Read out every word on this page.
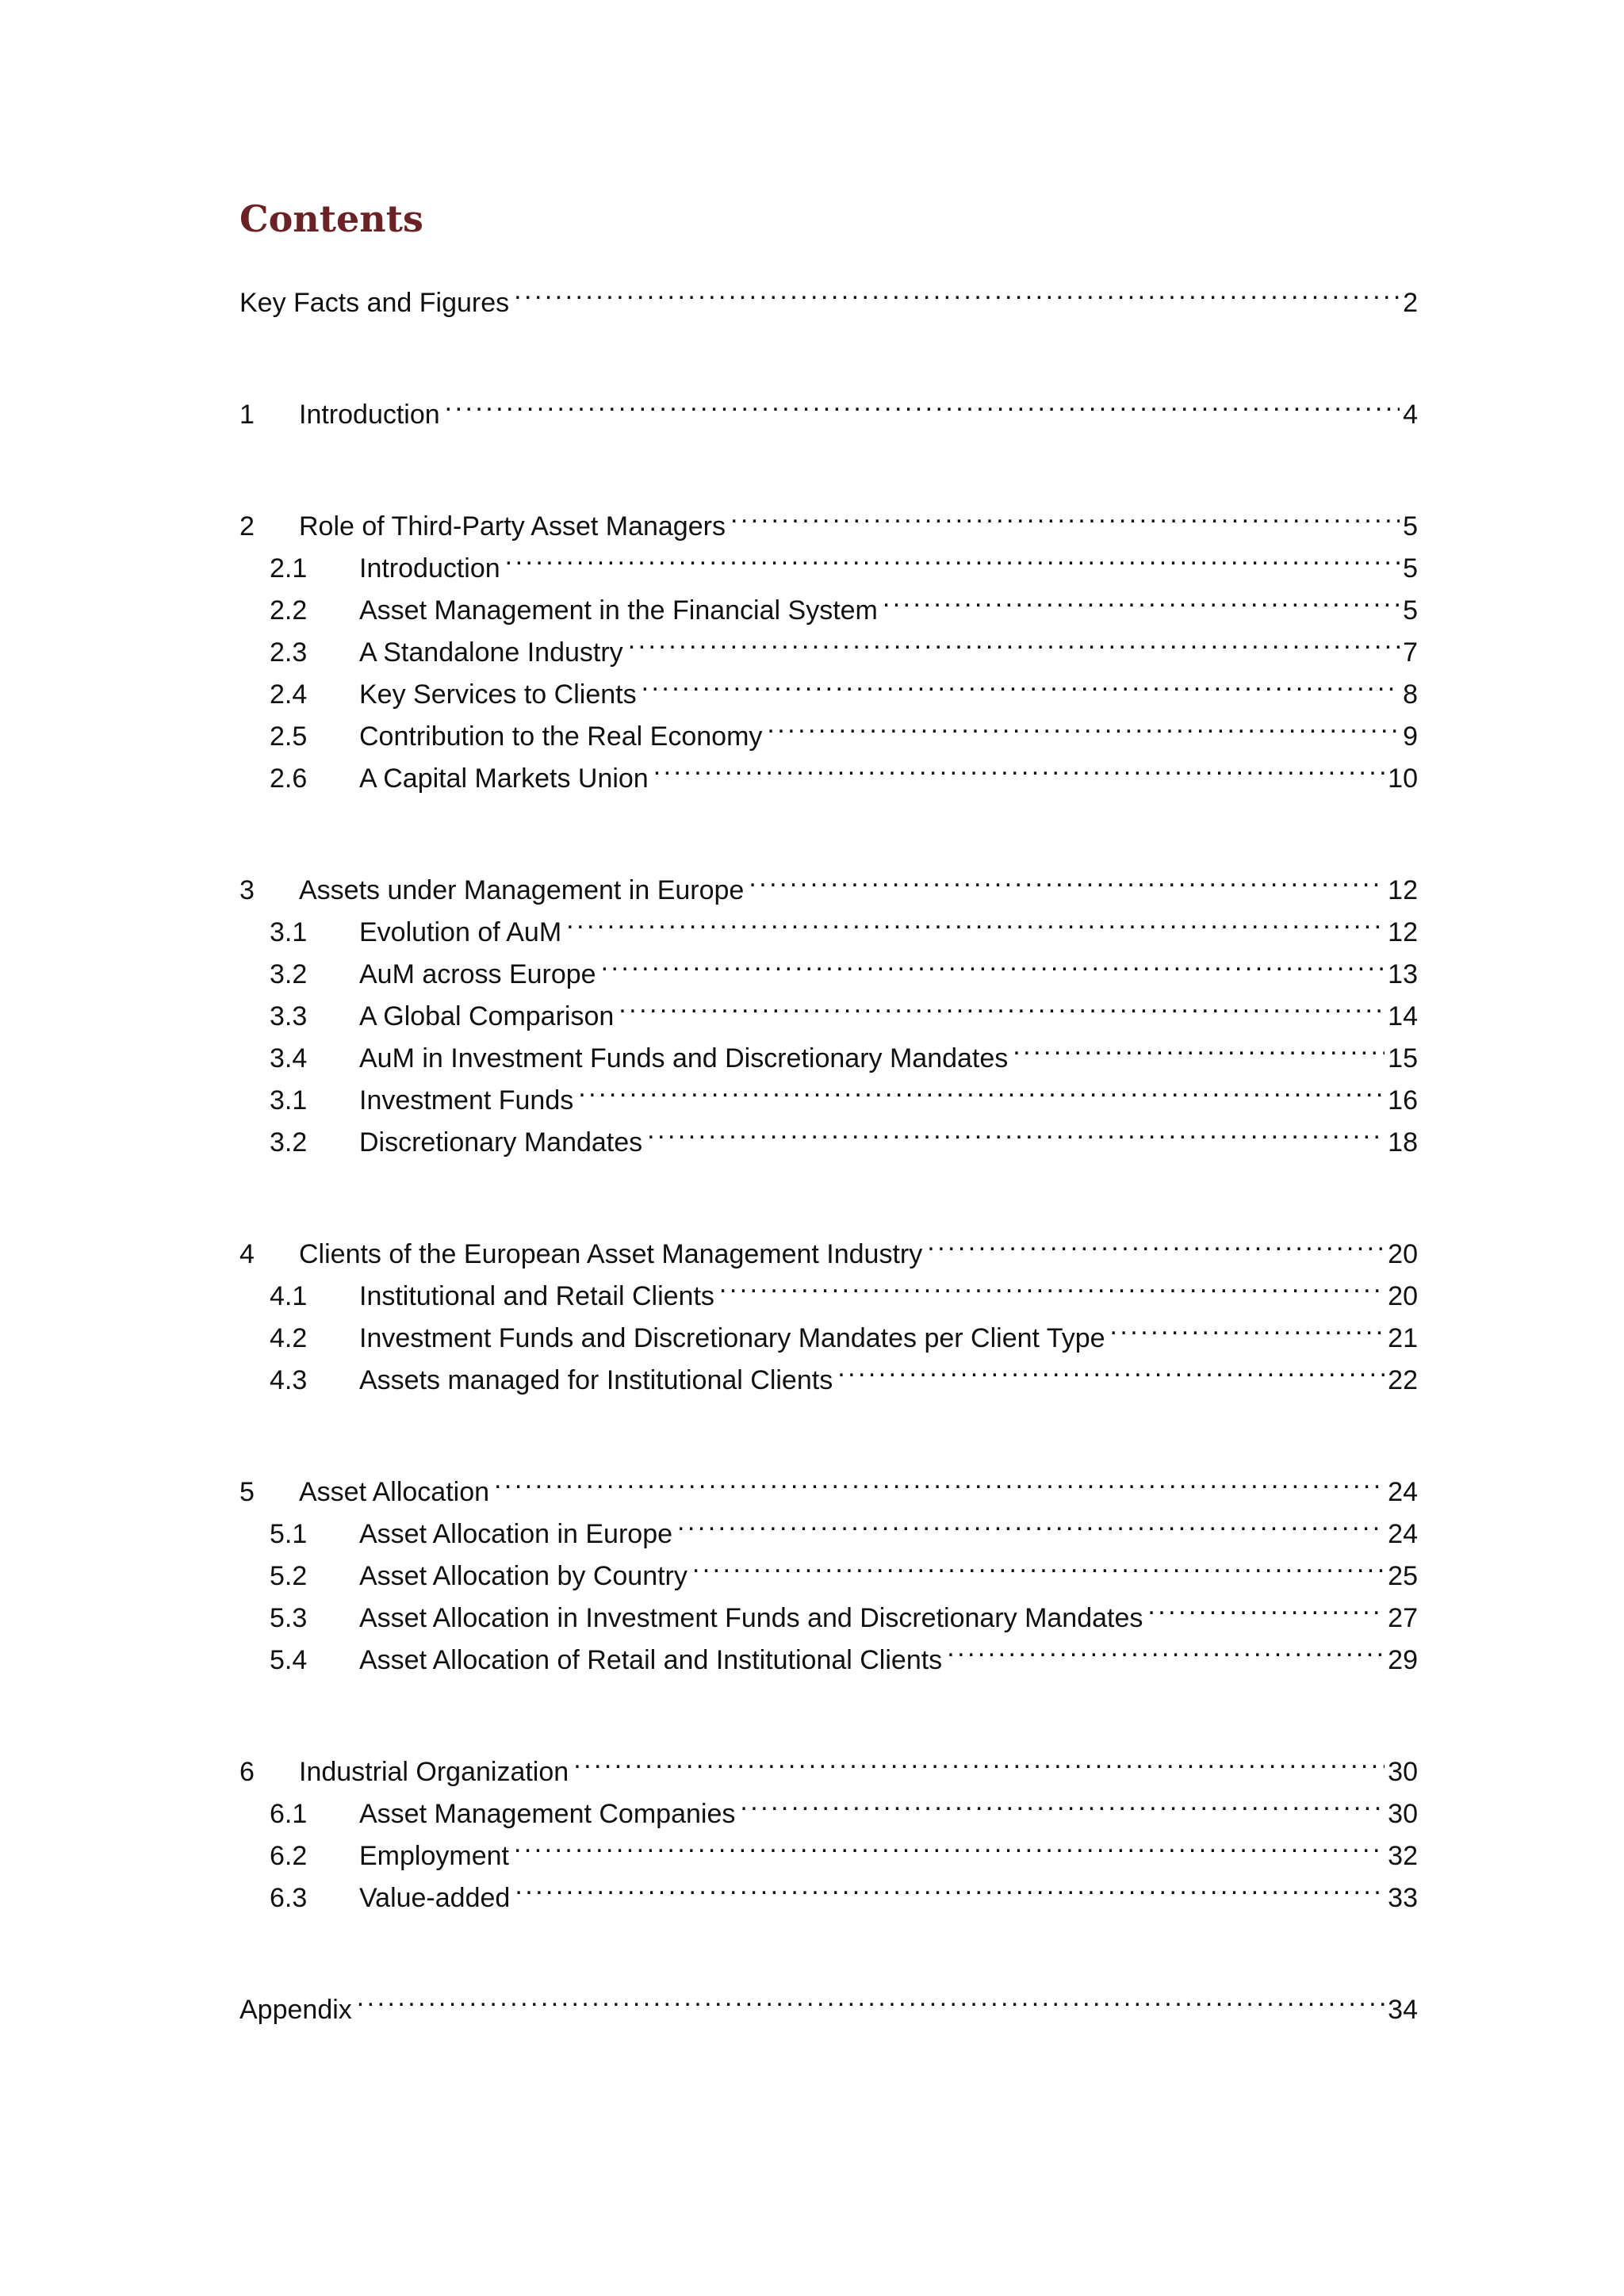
Contents
Key Facts and Figures . . .	2
1	Introduction . . .	4
2	Role of Third-Party Asset Managers . . .	5
2.1	Introduction . . .	5
2.2	Asset Management in the Financial System . . .	5
2.3	A Standalone Industry . . .	7
2.4	Key Services to Clients . . .	8
2.5	Contribution to the Real Economy . . .	9
2.6	A Capital Markets Union . . .	10
3	Assets under Management in Europe . . .	12
3.1	Evolution of AuM . . .	12
3.2	AuM across Europe . . .	13
3.3	A Global Comparison . . .	14
3.4	AuM in Investment Funds and Discretionary Mandates . . .	15
3.1	Investment Funds . . .	16
3.2	Discretionary Mandates . . .	18
4	Clients of the European Asset Management Industry . . .	20
4.1	Institutional and Retail Clients . . .	20
4.2	Investment Funds and Discretionary Mandates per Client Type . . .	21
4.3	Assets managed for Institutional Clients . . .	22
5	Asset Allocation . . .	24
5.1	Asset Allocation in Europe . . .	24
5.2	Asset Allocation by Country . . .	25
5.3	Asset Allocation in Investment Funds and Discretionary Mandates . . .	27
5.4	Asset Allocation of Retail and Institutional Clients . . .	29
6	Industrial Organization . . .	30
6.1	Asset Management Companies . . .	30
6.2	Employment . . .	32
6.3	Value-added . . .	33
Appendix . . .	34
